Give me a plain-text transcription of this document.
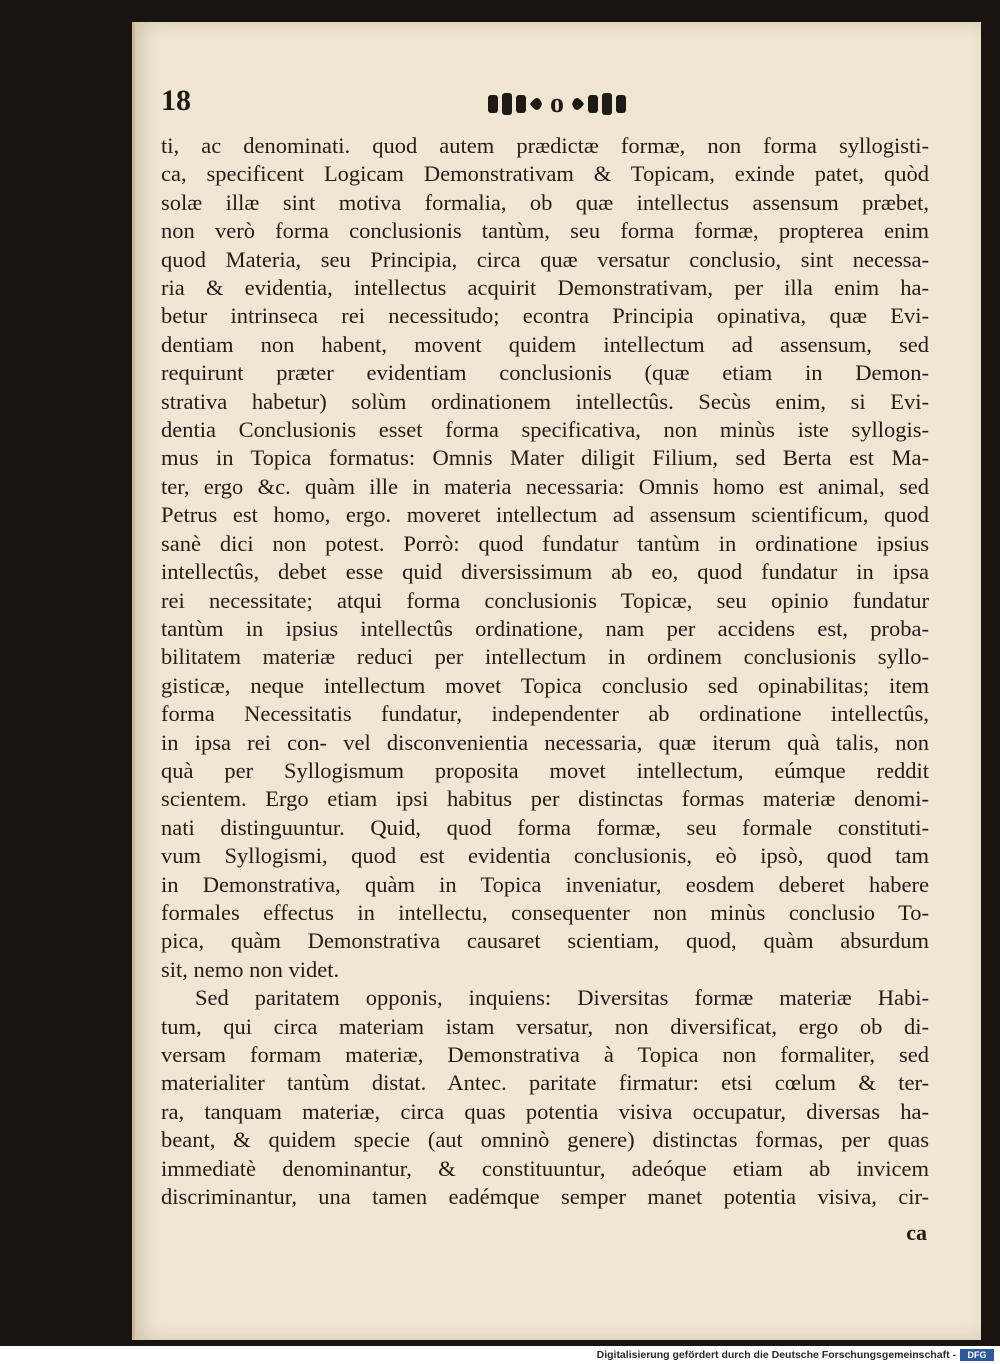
18	o
ti, ac denominati. quod autem prædictæ formæ, non forma syllogisti-
ca, specificent Logicam Demonstrativam & Topicam, exinde patet, quòd
solæ illæ sint motiva formalia, ob quæ intellectus assensum præbet,
non verò forma conclusionis tantùm, seu forma formæ, propterea enim
quod Materia, seu Principia, circa quæ versatur conclusio, sint necessa-
ria & evidentia, intellectus acquirit Demonstrativam, per illa enim ha-
betur intrinseca rei necessitudo; econtra Principia opinativa, quæ Evi-
dentiam non habent, movent quidem intellectum ad assensum, sed
requirunt præter evidentiam conclusionis (quæ etiam in Demon-
strativa habetur) solùm ordinationem intellectûs. Secùs enim, si Evi-
dentia Conclusionis esset forma specificativa, non minùs iste syllogis-
mus in Topica formatus: Omnis Mater diligit Filium, sed Berta est Ma-
ter, ergo &c. quàm ille in materia necessaria: Omnis homo est animal, sed
Petrus est homo, ergo. moveret intellectum ad assensum scientificum, quod
sanè dici non potest. Porrò: quod fundatur tantùm in ordinatione ipsius
intellectûs, debet esse quid diversissimum ab eo, quod fundatur in ipsa
rei necessitate; atqui forma conclusionis Topicæ, seu opinio fundatur
tantùm in ipsius intellectûs ordinatione, nam per accidens est, proba-
bilitatem materiæ reduci per intellectum in ordinem conclusionis syllo-
gisticæ, neque intellectum movet Topica conclusio sed opinabilitas; item
forma Necessitatis fundatur, independenter ab ordinatione intellectûs,
in ipsa rei con- vel disconvenientia necessaria, quæ iterum quà talis, non
quà per Syllogismum proposita movet intellectum, eúmque reddit
scientem. Ergo etiam ipsi habitus per distinctas formas materiæ denomi-
nati distinguuntur. Quid, quod forma formæ, seu formale constituti-
vum Syllogismi, quod est evidentia conclusionis, eò ipsò, quod tam
in Demonstrativa, quàm in Topica inveniatur, eosdem deberet habere
formales effectus in intellectu, consequenter non minùs conclusio To-
pica, quàm Demonstrativa causaret scientiam, quod, quàm absurdum
sit, nemo non videt.
Sed paritatem opponis, inquiens: Diversitas formæ materiæ Habi-
tum, qui circa materiam istam versatur, non diversificat, ergo ob di-
versam formam materiæ, Demonstrativa à Topica non formaliter, sed
materialiter tantùm distat. Antec. paritate firmatur: etsi cœlum & ter-
ra, tanquam materiæ, circa quas potentia visiva occupatur, diversas ha-
beant, & quidem specie (aut omninò genere) distinctas formas, per quas
immediatè denominantur, & constituuntur, adeóque etiam ab invicem
discriminantur, una tamen eadémque semper manet potentia visiva, cir-
ca
Digitalisierung gefördert durch die Deutsche Forschungsgemeinschaft -	DFG
